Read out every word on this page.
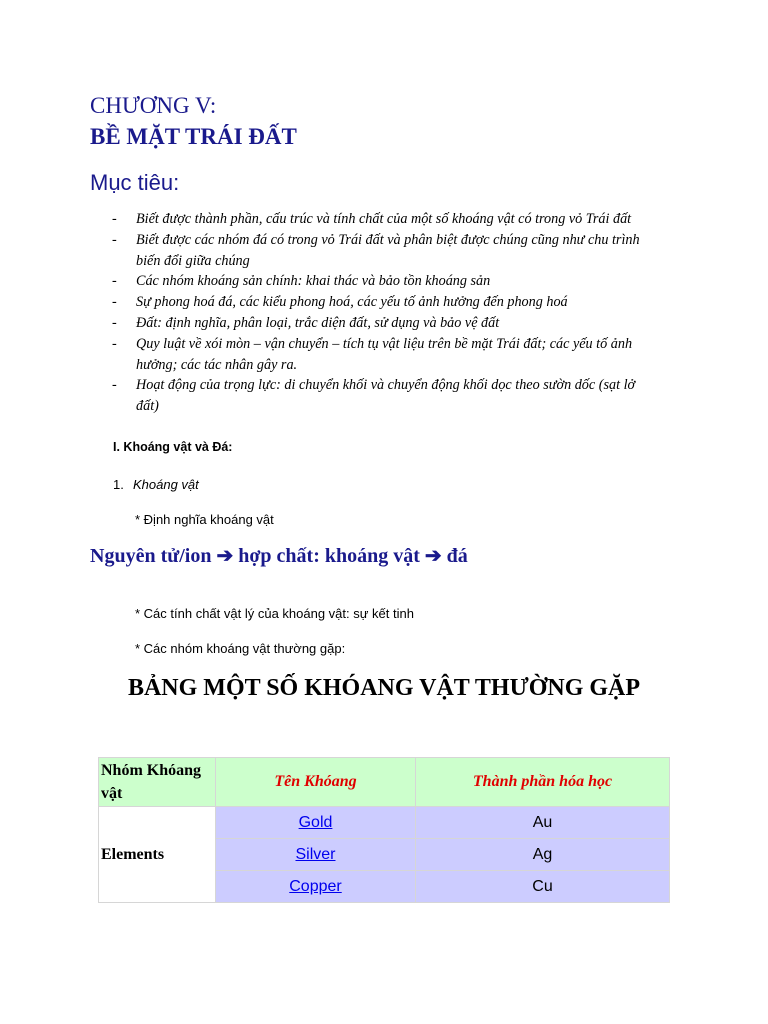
CHƯƠNG V:
BỀ MẶT TRÁI ĐẤT
Mục tiêu:
- Biết được thành phần, cấu trúc và tính chất của một số khoáng vật có trong vỏ Trái đất
- Biết được các nhóm đá có trong vỏ Trái đất và phân biệt được chúng cũng như chu trình
biến đổi giữa chúng
- Các nhóm khoáng sản chính: khai thác và bảo tồn khoáng sản
- Sự phong hoá đá, các kiểu phong hoá, các yếu tố ảnh hưởng đến phong hoá
- Đất: định nghĩa, phân loại, trắc diện đất, sử dụng và bảo vệ đất
- Quy luật về xói mòn – vận chuyển – tích tụ vật liệu trên bề mặt Trái đất; các yếu tố ảnh
hưởng; các tác nhân gây ra.
- Hoạt động của trọng lực: di chuyển khối và chuyển động khối dọc theo sườn dốc (sạt lở
đất)
I. Khoáng vật và Đá:
1. Khoáng vật
* Định nghĩa khoáng vật
Nguyên tử/ion ➔ hợp chất: khoáng vật ➔ đá
* Các tính chất vật lý của khoáng vật: sự kết tinh
* Các nhóm khoáng vật thường gặp:
BẢNG MỘT SỐ KHÓANG VẬT THƯỜNG GẶP
Nhóm Khóang vật	Tên Khóang	Thành phần hóa học
Elements	Gold	Au
	Silver	Ag
	Copper	Cu
